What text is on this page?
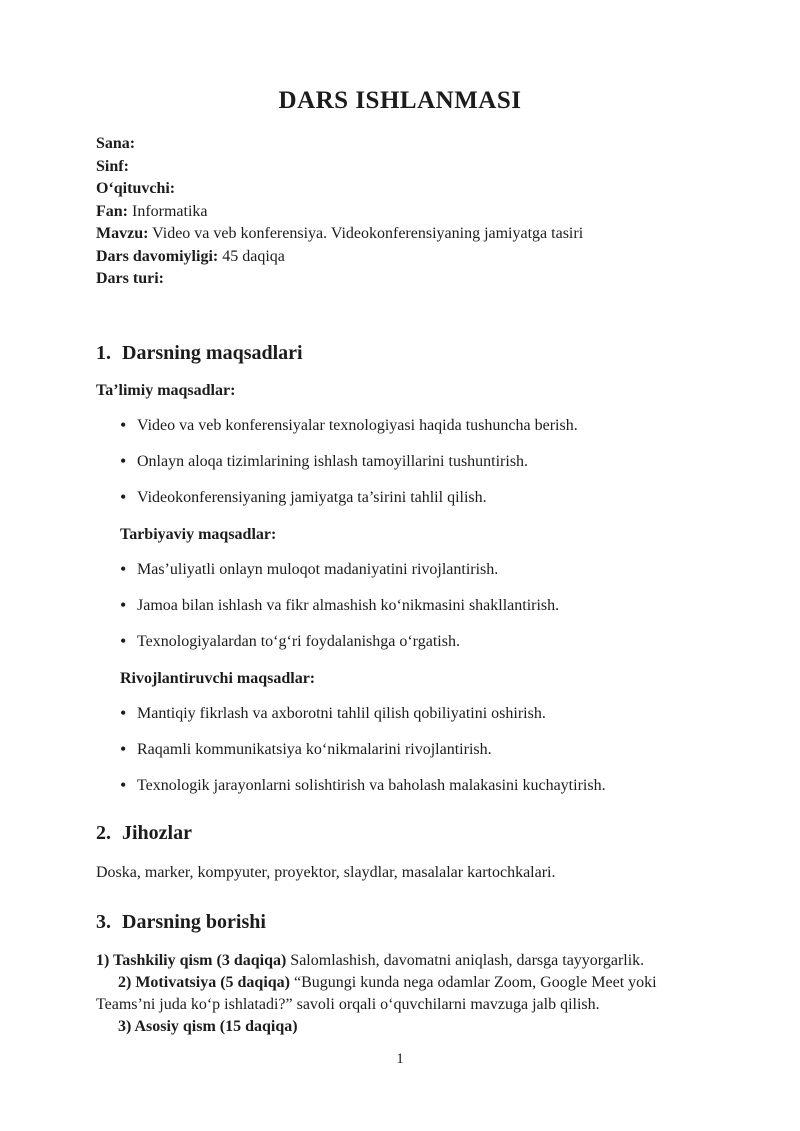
DARS ISHLANMASI
Sana:
Sinf:
O‘qituvchi:
Fan: Informatika
Mavzu: Video va veb konferensiya. Videokonferensiyaning jamiyatga tasiri
Dars davomiyligi: 45 daqiqa
Dars turi:
1. Darsning maqsadlari
Ta’limiy maqsadlar:
• Video va veb konferensiyalar texnologiyasi haqida tushuncha berish.
• Onlayn aloqa tizimlarining ishlash tamoyillarini tushuntirish.
• Videokonferensiyaning jamiyatga ta’sirini tahlil qilish.
Tarbiyaviy maqsadlar:
• Mas’uliyatli onlayn muloqot madaniyatini rivojlantirish.
• Jamoa bilan ishlash va fikr almashish ko‘nikmasini shakllantirish.
• Texnologiyalardan to‘g‘ri foydalanishga o‘rgatish.
Rivojlantiruvchi maqsadlar:
• Mantiqiy fikrlash va axborotni tahlil qilish qobiliyatini oshirish.
• Raqamli kommunikatsiya ko‘nikmalarini rivojlantirish.
• Texnologik jarayonlarni solishtirish va baholash malakasini kuchaytirish.
2. Jihozlar

Doska, marker, kompyuter, proyektor, slaydlar, masalalar kartochkalari.

3. Darsning borishi

1) Tashkiliy qism (3 daqiqa) Salomlashish, davomatni aniqlash, darsga tayyorgarlik.

2) Motivatsiya (5 daqiqa) “Bugungi kunda nega odamlar Zoom, Google Meet yoki Teams’ni juda ko‘p ishlatadi?” savoli orqali o‘quvchilarni mavzuga jalb qilish.

3) Asosiy qism (15 daqiqa)

1
